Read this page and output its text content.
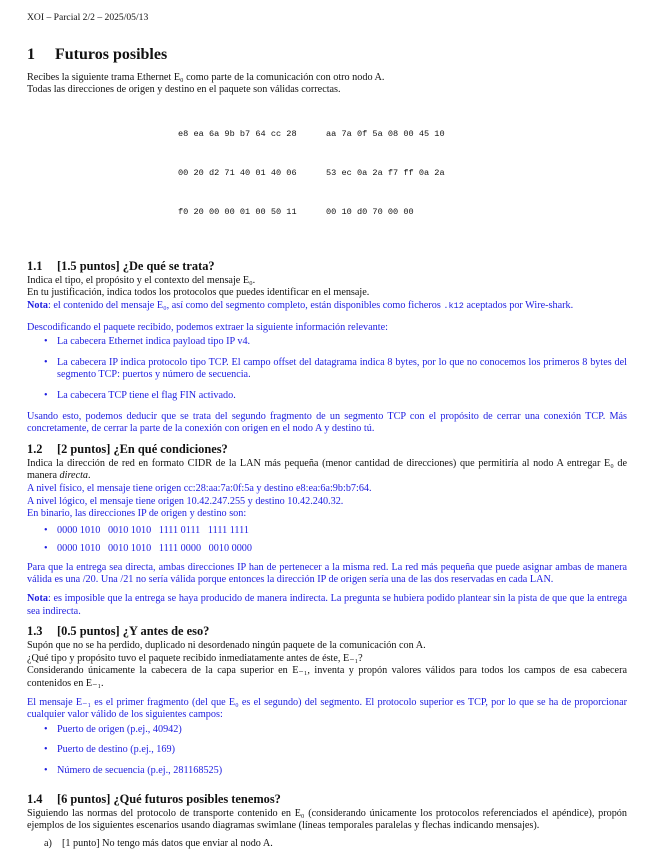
XOI – Parcial 2/2 – 2025/05/13
1 Futuros posibles

Recibes la siguiente trama Ethernet E₀ como parte de la comunicación con otro nodo A.

Todas las direcciones de origen y destino en el paquete son válidas correctas.

e8 ea 6a 9b b7 64 cc 28	aa 7a 0f 5a 08 00 45 10

00 20 d2 71 40 01 40 06	53 ec 0a 2a f7 ff 0a 2a

f0 20 00 00 01 00 50 11	00 10 d0 70 00 00

1.1 [1.5 puntos] ¿De qué se trata?

Indica el tipo, el propósito y el contexto del mensaje E₀.

En tu justificación, indica todos los protocolos que puedes identificar en el mensaje.

Nota: el contenido del mensaje E₀, así como del segmento completo, están disponibles como ficheros .k12 aceptados por Wire-shark.

Descodificando el paquete recibido, podemos extraer la siguiente información relevante:

• La cabecera Ethernet indica payload tipo IP v4.
• La cabecera IP indica protocolo tipo TCP. El campo offset del datagrama indica 8 bytes, por lo que no conocemos los primeros 8 bytes del segmento TCP: puertos y número de secuencia.
• La cabecera TCP tiene el flag FIN activado.

Usando esto, podemos deducir que se trata del segundo fragmento de un segmento TCP con el propósito de cerrar una conexión TCP. Más concretamente, de cerrar la parte de la conexión con origen en el nodo A y destino tú.

1.2 [2 puntos] ¿En qué condiciones?

Indica la dirección de red en formato CIDR de la LAN más pequeña (menor cantidad de direcciones) que permitiría al nodo A entregar E₀ de manera directa.

A nivel físico, el mensaje tiene origen cc:28:aa:7a:0f:5a y destino e8:ea:6a:9b:b7:64.

A nivel lógico, el mensaje tiene origen 10.42.247.255 y destino 10.42.240.32.

En binario, las direcciones IP de origen y destino son:

• 0000 1010   0010 1010   1111 0111   1111 1111
• 0000 1010   0010 1010   1111 0000   0010 0000

Para que la entrega sea directa, ambas direcciones IP han de pertenecer a la misma red. La red más pequeña que puede asignar ambas de manera válida es una /20. Una /21 no sería válida porque entonces la dirección IP de origen sería una de las dos reservadas en cada LAN.

Nota: es imposible que la entrega se haya producido de manera indirecta. La pregunta se hubiera podido plantear sin la pista de que que la entrega sea indirecta.

1.3 [0.5 puntos] ¿Y antes de eso?

Supón que no se ha perdido, duplicado ni desordenado ningún paquete de la comunicación con A.

¿Qué tipo y propósito tuvo el paquete recibido inmediatamente antes de éste, E₋₁?

Considerando únicamente la cabecera de la capa superior en E₋₁, inventa y propón valores válidos para todos los campos de esa cabecera contenidos en E₋₁.

El mensaje E₋₁ es el primer fragmento (del que E₀ es el segundo) del segmento. El protocolo superior es TCP, por lo que se ha de proporcionar cualquier valor válido de los siguientes campos:

• Puerto de origen (p.ej., 40942)
• Puerto de destino (p.ej., 169)
• Número de secuencia (p.ej., 281168525)
1.4 [6 puntos] ¿Qué futuros posibles tenemos?

Siguiendo las normas del protocolo de transporte contenido en E₀ (considerando únicamente los protocolos referenciados el apéndice), propón ejemplos de los siguientes escenarios usando diagramas swimlane (líneas temporales paralelas y flechas indicando mensajes).

a) [1 punto] No tengo más datos que enviar al nodo A.
